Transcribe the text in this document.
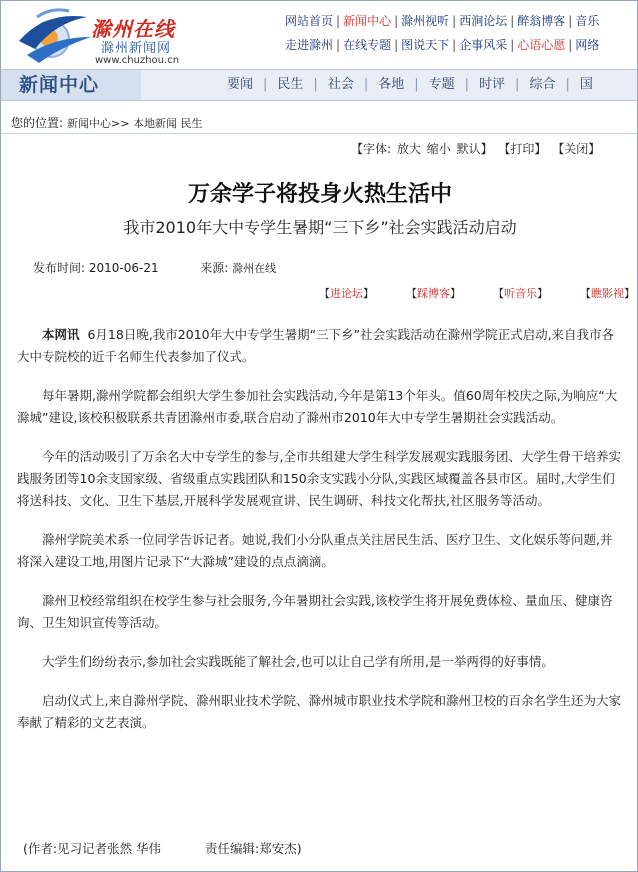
滁州在线
滁州新闻网
www.chuzhou.cn
网站首页 | 新闻中心 | 滁州视听 | 西涧论坛 | 醉翁博客 | 音乐
走进滁州 | 在线专题 | 图说天下 | 企事风采 | 心语心愿 | 网络
新闻中心	要闻 | 民生 | 社会 | 各地 | 专题 | 时评 | 综合 | 国
您的位置: 新闻中心>> 本地新闻 民生
【字体: 放大 缩小 默认】 【打印】 【关闭】
万余学子将投身火热生活中
我市2010年大中专学生暑期“三下乡”社会实践活动启动
发布时间: 2010-06-21	来源: 滁州在线
【进论坛】	【踩博客】	【听音乐】	【瞧影视】

本网讯 6月18日晚,我市2010年大中专学生暑期“三下乡”社会实践活动在滁州学院正式启动,来自我市各大中专院校的近千名师生代表参加了仪式。

每年暑期,滁州学院都会组织大学生参加社会实践活动,今年是第13个年头。值60周年校庆之际,为响应“大滁城”建设,该校积极联系共青团滁州市委,联合启动了滁州市2010年大中专学生暑期社会实践活动。

今年的活动吸引了万余名大中专学生的参与,全市共组建大学生科学发展观实践服务团、大学生骨干培养实践服务团等10余支国家级、省级重点实践团队和150余支实践小分队,实践区域覆盖各县市区。届时,大学生们将送科技、文化、卫生下基层,开展科学发展观宣讲、民生调研、科技文化帮扶,社区服务等活动。

滁州学院美术系一位同学告诉记者。她说,我们小分队重点关注居民生活、医疗卫生、文化娱乐等问题,并将深入建设工地,用图片记录下“大滁城”建设的点点滴滴。

滁州卫校经常组织在校学生参与社会服务,今年暑期社会实践,该校学生将开展免费体检、量血压、健康咨询、卫生知识宣传等活动。

大学生们纷纷表示,参加社会实践既能了解社会,也可以让自己学有所用,是一举两得的好事情。

启动仪式上,来自滁州学院、滁州职业技术学院、滁州城市职业技术学院和滁州卫校的百余名学生还为大家奉献了精彩的文艺表演。

(作者:见习记者张然 华伟	责任编辑:郑安杰)
